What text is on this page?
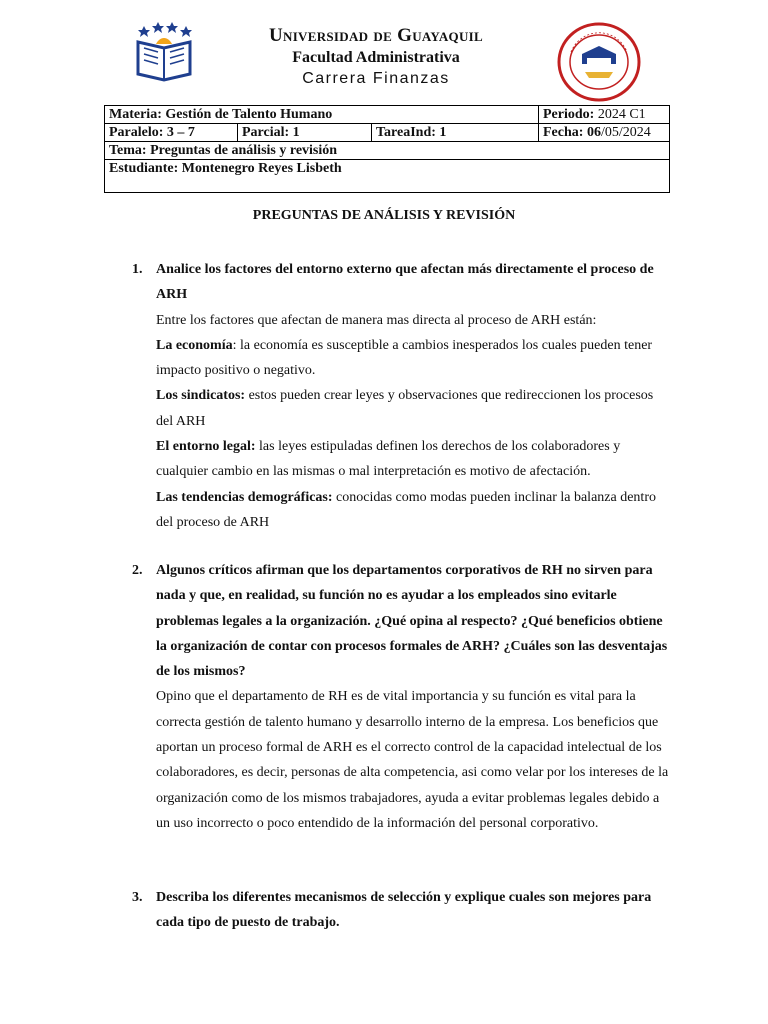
Universidad de Guayaquil
Facultad Administrativa
Carrera Finanzas
Materia: Gestión de Talento Humano			Periodo: 2024 C1
Paralelo: 3 – 7	Parcial: 1	TareaInd: 1	Fecha: 06/05/2024
Tema: Preguntas de análisis y revisión			
Estudiante: Montenegro Reyes Lisbeth			
PREGUNTAS DE ANÁLISIS Y REVISIÓN
1. Analice los factores del entorno externo que afectan más directamente el proceso de ARH

Entre los factores que afectan de manera mas directa al proceso de ARH están:

La economía: la economía es susceptible a cambios inesperados los cuales pueden tener impacto positivo o negativo.

Los sindicatos: estos pueden crear leyes y observaciones que redireccionen los procesos del ARH

El entorno legal: las leyes estipuladas definen los derechos de los colaboradores y cualquier cambio en las mismas o mal interpretación es motivo de afectación.

Las tendencias demográficas: conocidas como modas pueden inclinar la balanza dentro del proceso de ARH

2. Algunos críticos afirman que los departamentos corporativos de RH no sirven para nada y que, en realidad, su función no es ayudar a los empleados sino evitarle problemas legales a la organización. ¿Qué opina al respecto? ¿Qué beneficios obtiene la organización de contar con procesos formales de ARH? ¿Cuáles son las desventajas de los mismos?

Opino que el departamento de RH es de vital importancia y su función es vital para la correcta gestión de talento humano y desarrollo interno de la empresa. Los beneficios que aportan un proceso formal de ARH es el correcto control de la capacidad intelectual de los colaboradores, es decir, personas de alta competencia, asi como velar por los intereses de la organización como de los mismos trabajadores, ayuda a evitar problemas legales debido a un uso incorrecto o poco entendido de la información del personal corporativo.

3. Describa los diferentes mecanismos de selección y explique cuales son mejores para cada tipo de puesto de trabajo.
